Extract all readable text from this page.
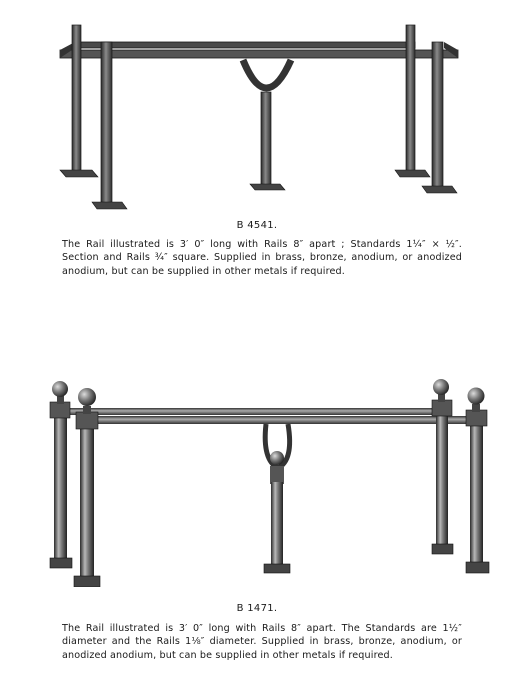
B 4541.
The Rail illustrated is 3′ 0″ long with Rails 8″ apart ; Standards 1¼″ × ½″. Section and Rails ¾″ square. Supplied in brass, bronze, anodium, or anodized anodium, but can be supplied in other metals if required.
B 1471.
The Rail illustrated is 3′ 0″ long with Rails 8″ apart. The Standards are 1½″ diameter and the Rails 1⅛″ diameter. Supplied in brass, bronze, anodium, or anodized anodium, but can be supplied in other metals if required.
